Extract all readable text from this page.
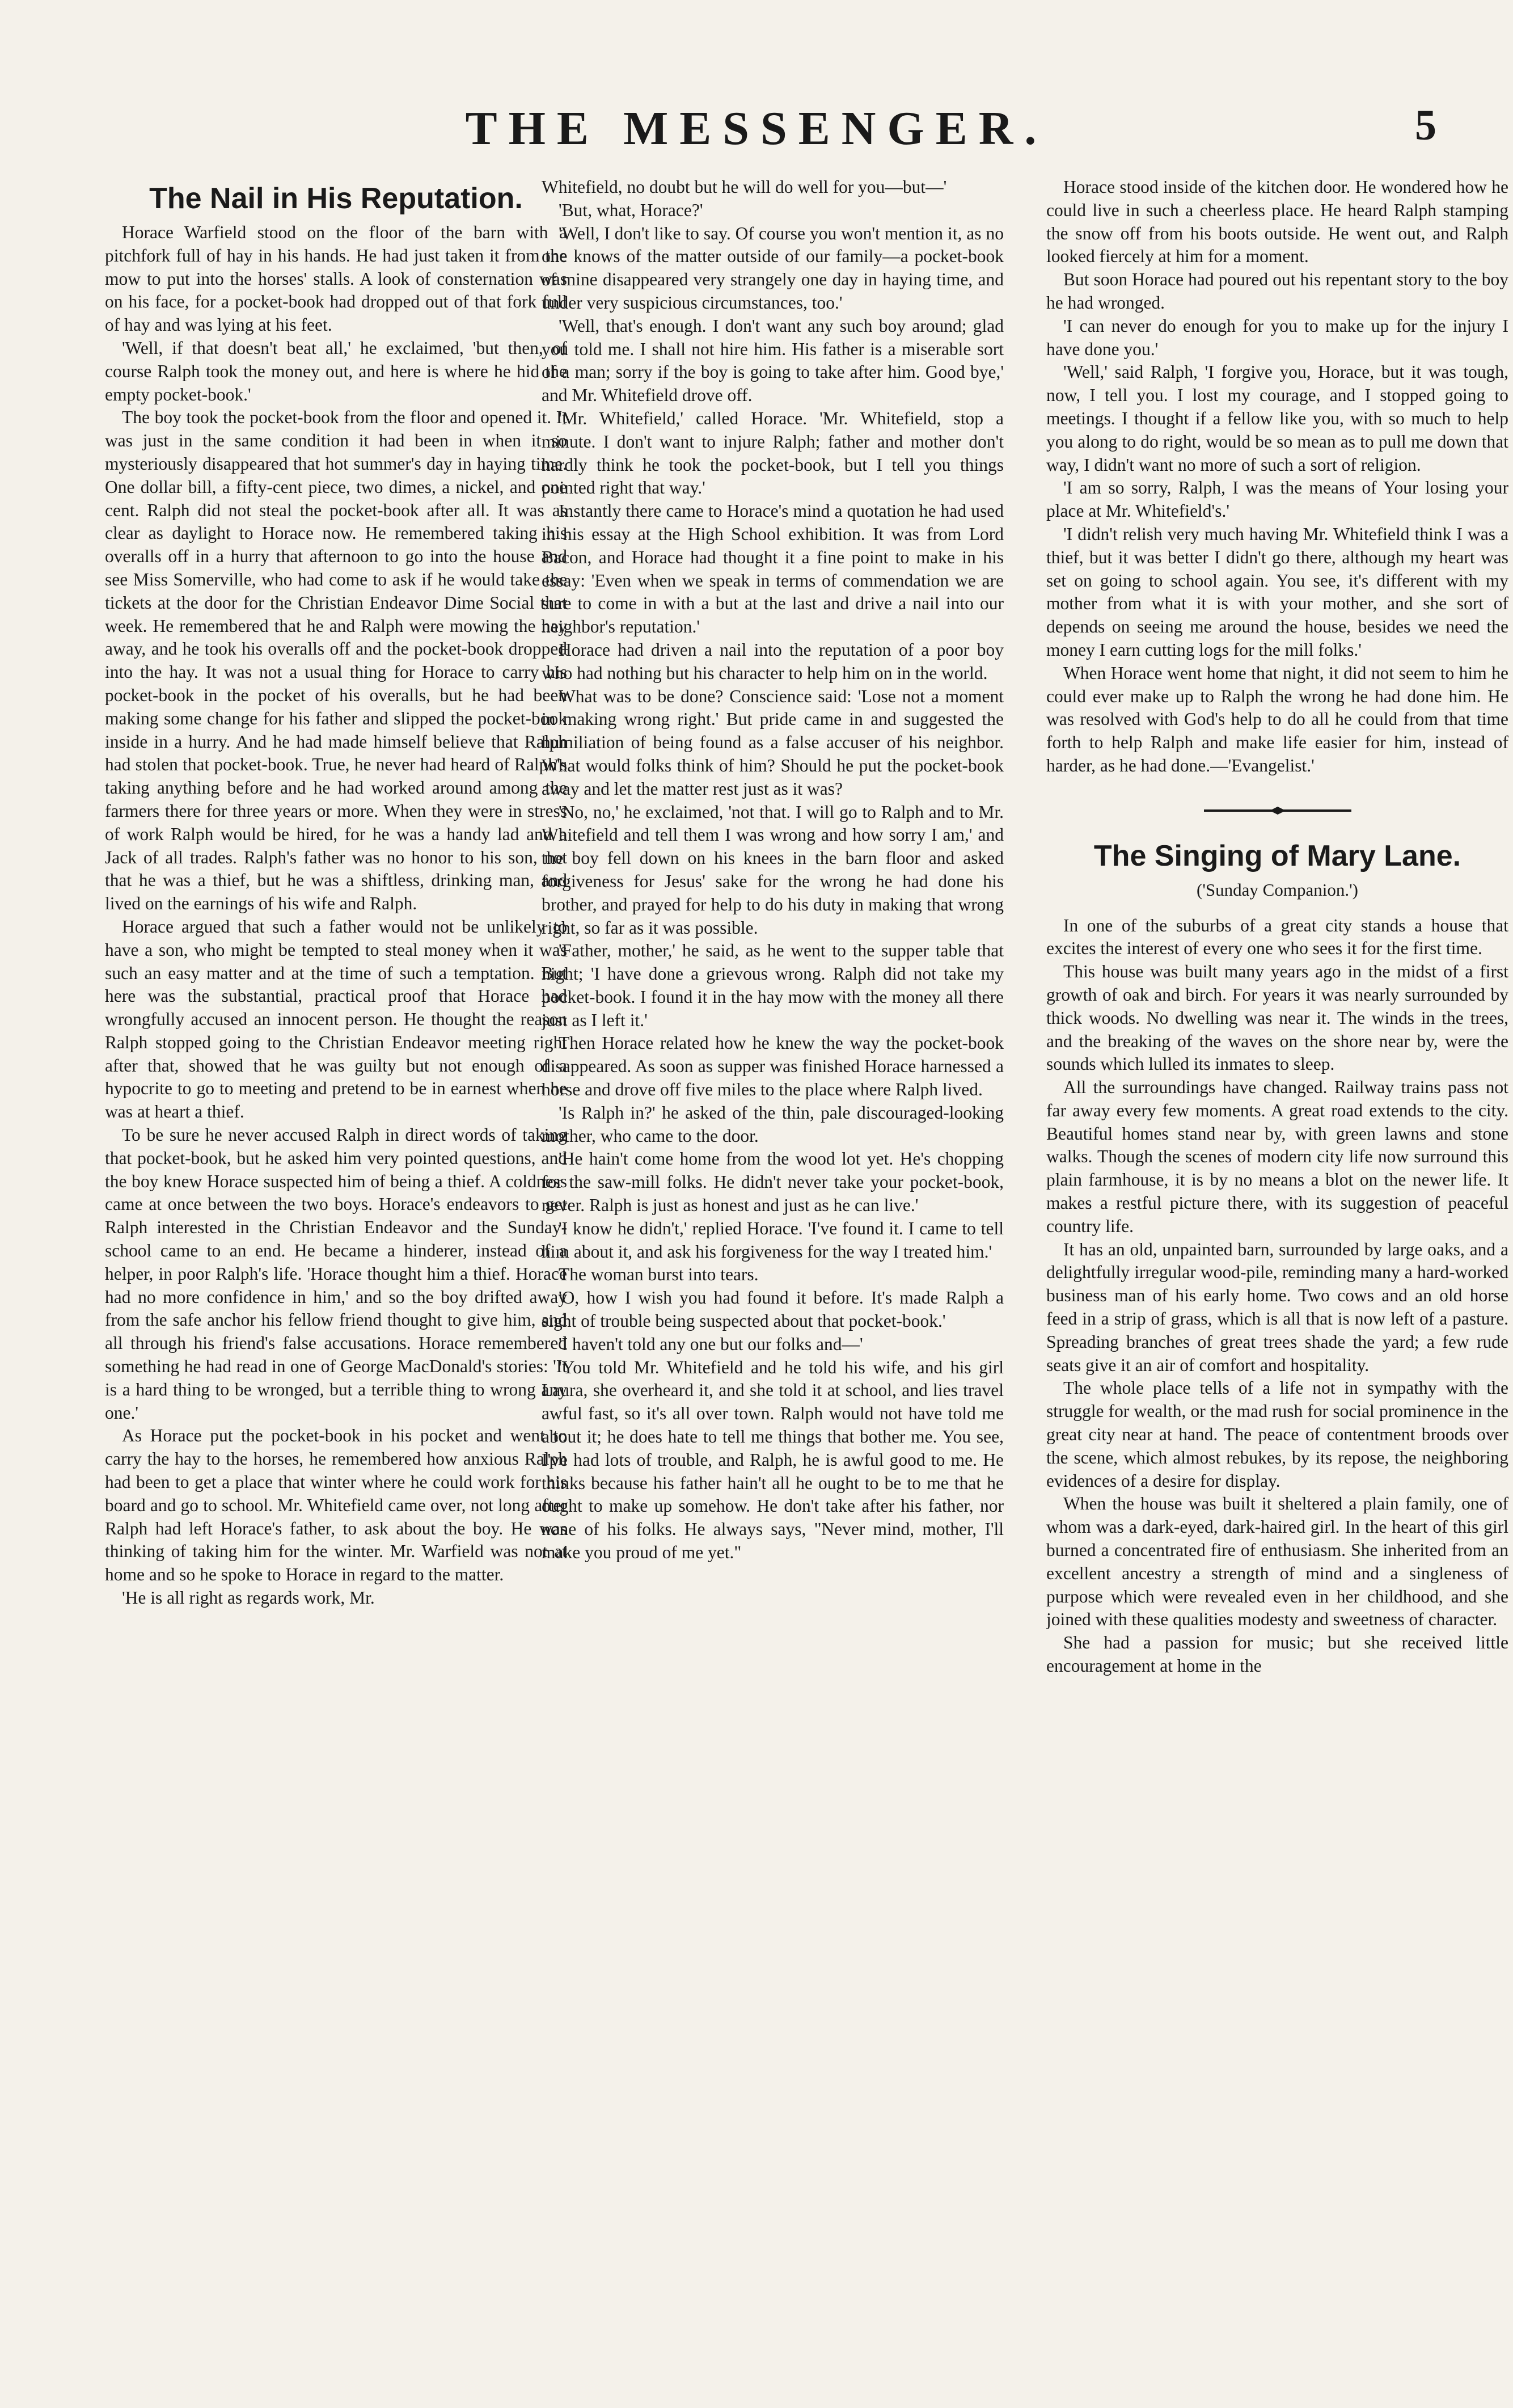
THE MESSENGER.	5
The Nail in His Reputation.

Horace Warfield stood on the floor of the barn with a pitchfork full of hay in his hands. He had just taken it from the mow to put into the horses' stalls. A look of consternation was on his face, for a pocket-book had dropped out of that fork full of hay and was lying at his feet.

'Well, if that doesn't beat all,' he exclaimed, 'but then, of course Ralph took the money out, and here is where he hid the empty pocket-book.'

The boy took the pocket-book from the floor and opened it. It was just in the same condition it had been in when it so mysteriously disappeared that hot summer's day in haying time. One dollar bill, a fifty-cent piece, two dimes, a nickel, and one cent. Ralph did not steal the pocket-book after all. It was as clear as daylight to Horace now. He remembered taking his overalls off in a hurry that afternoon to go into the house and see Miss Somerville, who had come to ask if he would take the tickets at the door for the Christian Endeavor Dime Social that week. He remembered that he and Ralph were mowing the hay away, and he took his overalls off and the pocket-book dropped into the hay. It was not a usual thing for Horace to carry his pocket-book in the pocket of his overalls, but he had been making some change for his father and slipped the pocket-book inside in a hurry. And he had made himself believe that Ralph had stolen that pocket-book. True, he never had heard of Ralph's taking anything before and he had worked around among the farmers there for three years or more. When they were in stress of work Ralph would be hired, for he was a handy lad and a Jack of all trades. Ralph's father was no honor to his son, not that he was a thief, but he was a shiftless, drinking man, and lived on the earnings of his wife and Ralph.

Horace argued that such a father would not be unlikely to have a son, who might be tempted to steal money when it was such an easy matter and at the time of such a temptation. But here was the substantial, practical proof that Horace had wrongfully accused an innocent person. He thought the reason Ralph stopped going to the Christian Endeavor meeting right after that, showed that he was guilty but not enough of a hypocrite to go to meeting and pretend to be in earnest when he was at heart a thief.

To be sure he never accused Ralph in direct words of taking that pocket-book, but he asked him very pointed questions, and the boy knew Horace suspected him of being a thief. A coldness came at once between the two boys. Horace's endeavors to get Ralph interested in the Christian Endeavor and the Sunday-school came to an end. He became a hinderer, instead of a helper, in poor Ralph's life. 'Horace thought him a thief. Horace had no more confidence in him,' and so the boy drifted away from the safe anchor his fellow friend thought to give him, and all through his friend's false accusations. Horace remembered something he had read in one of George MacDonald's stories: 'It is a hard thing to be wronged, but a terrible thing to wrong any one.'

As Horace put the pocket-book in his pocket and went to carry the hay to the horses, he remembered how anxious Ralph had been to get a place that winter where he could work for his board and go to school. Mr. Whitefield came over, not long after Ralph had left Horace's father, to ask about the boy. He was thinking of taking him for the winter. Mr. Warfield was not at home and so he spoke to Horace in regard to the matter.

'He is all right as regards work, Mr.

Whitefield, no doubt but he will do well for you—but—'

'But, what, Horace?'

'Well, I don't like to say. Of course you won't mention it, as no one knows of the matter outside of our family—a pocket-book of mine disappeared very strangely one day in haying time, and under very suspicious circumstances, too.'

'Well, that's enough. I don't want any such boy around; glad you told me. I shall not hire him. His father is a miserable sort of a man; sorry if the boy is going to take after him. Good bye,' and Mr. Whitefield drove off.

'Mr. Whitefield,' called Horace. 'Mr. Whitefield, stop a minute. I don't want to injure Ralph; father and mother don't hardly think he took the pocket-book, but I tell you things pointed right that way.'

Instantly there came to Horace's mind a quotation he had used in his essay at the High School exhibition. It was from Lord Bacon, and Horace had thought it a fine point to make in his essay: 'Even when we speak in terms of commendation we are sure to come in with a but at the last and drive a nail into our neighbor's reputation.'

Horace had driven a nail into the reputation of a poor boy who had nothing but his character to help him on in the world.

What was to be done? Conscience said: 'Lose not a moment in making wrong right.' But pride came in and suggested the humiliation of being found as a false accuser of his neighbor. What would folks think of him? Should he put the pocket-book away and let the matter rest just as it was?

'No, no,' he exclaimed, 'not that. I will go to Ralph and to Mr. Whitefield and tell them I was wrong and how sorry I am,' and the boy fell down on his knees in the barn floor and asked forgiveness for Jesus' sake for the wrong he had done his brother, and prayed for help to do his duty in making that wrong right, so far as it was possible.

'Father, mother,' he said, as he went to the supper table that night; 'I have done a grievous wrong. Ralph did not take my pocket-book. I found it in the hay mow with the money all there just as I left it.'

Then Horace related how he knew the way the pocket-book disappeared. As soon as supper was finished Horace harnessed a horse and drove off five miles to the place where Ralph lived.

'Is Ralph in?' he asked of the thin, pale discouraged-looking mother, who came to the door.

'He hain't come home from the wood lot yet. He's chopping for the saw-mill folks. He didn't never take your pocket-book, never. Ralph is just as honest and just as he can live.'

'I know he didn't,' replied Horace. 'I've found it. I came to tell him about it, and ask his forgiveness for the way I treated him.'

The woman burst into tears.

'O, how I wish you had found it before. It's made Ralph a sight of trouble being suspected about that pocket-book.'

'I haven't told any one but our folks and—'

'You told Mr. Whitefield and he told his wife, and his girl Laura, she overheard it, and she told it at school, and lies travel awful fast, so it's all over town. Ralph would not have told me about it; he does hate to tell me things that bother me. You see, I've had lots of trouble, and Ralph, he is awful good to me. He thinks because his father hain't all he ought to be to me that he ought to make up somehow. He don't take after his father, nor none of his folks. He always says, "Never mind, mother, I'll make you proud of me yet."

Horace stood inside of the kitchen door. He wondered how he could live in such a cheerless place. He heard Ralph stamping the snow off from his boots outside. He went out, and Ralph looked fiercely at him for a moment.

But soon Horace had poured out his repentant story to the boy he had wronged.

'I can never do enough for you to make up for the injury I have done you.'

'Well,' said Ralph, 'I forgive you, Horace, but it was tough, now, I tell you. I lost my courage, and I stopped going to meetings. I thought if a fellow like you, with so much to help you along to do right, would be so mean as to pull me down that way, I didn't want no more of such a sort of religion.

'I am so sorry, Ralph, I was the means of Your losing your place at Mr. Whitefield's.'

'I didn't relish very much having Mr. Whitefield think I was a thief, but it was better I didn't go there, although my heart was set on going to school again. You see, it's different with my mother from what it is with your mother, and she sort of depends on seeing me around the house, besides we need the money I earn cutting logs for the mill folks.'

When Horace went home that night, it did not seem to him he could ever make up to Ralph the wrong he had done him. He was resolved with God's help to do all he could from that time forth to help Ralph and make life easier for him, instead of harder, as he had done.—'Evangelist.'

The Singing of Mary Lane.
('Sunday Companion.')

In one of the suburbs of a great city stands a house that excites the interest of every one who sees it for the first time.

This house was built many years ago in the midst of a first growth of oak and birch. For years it was nearly surrounded by thick woods. No dwelling was near it. The winds in the trees, and the breaking of the waves on the shore near by, were the sounds which lulled its inmates to sleep.

All the surroundings have changed. Railway trains pass not far away every few moments. A great road extends to the city. Beautiful homes stand near by, with green lawns and stone walks. Though the scenes of modern city life now surround this plain farmhouse, it is by no means a blot on the newer life. It makes a restful picture there, with its suggestion of peaceful country life.

It has an old, unpainted barn, surrounded by large oaks, and a delightfully irregular wood-pile, reminding many a hard-worked business man of his early home. Two cows and an old horse feed in a strip of grass, which is all that is now left of a pasture. Spreading branches of great trees shade the yard; a few rude seats give it an air of comfort and hospitality.

The whole place tells of a life not in sympathy with the struggle for wealth, or the mad rush for social prominence in the great city near at hand. The peace of contentment broods over the scene, which almost rebukes, by its repose, the neighboring evidences of a desire for display.

When the house was built it sheltered a plain family, one of whom was a dark-eyed, dark-haired girl. In the heart of this girl burned a concentrated fire of enthusiasm. She inherited from an excellent ancestry a strength of mind and a singleness of purpose which were revealed even in her childhood, and she joined with these qualities modesty and sweetness of character.

She had a passion for music; but she received little encouragement at home in the
